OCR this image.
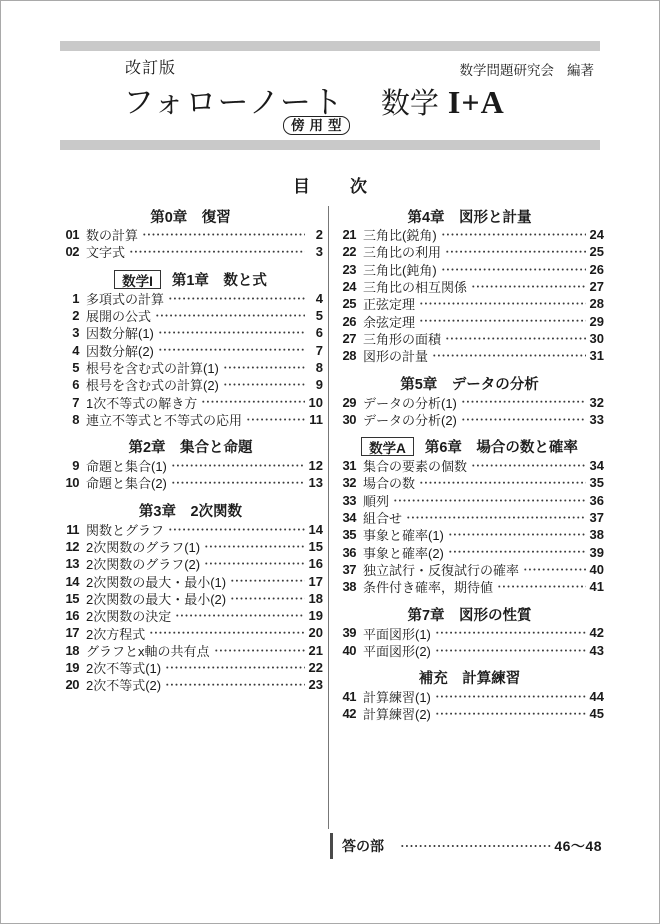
改訂版	数学問題研究会 編著
フォローノート 数学 I+A
傍用型
目 次
第0章　復習
01 数の計算	2
02 文字式	3
数学I	第1章　数と式
1 多項式の計算	4
2 展開の公式	5
3 因数分解(1)	6
4 因数分解(2)	7
5 根号を含む式の計算(1)	8
6 根号を含む式の計算(2)	9
7 1次不等式の解き方	10
8 連立不等式と不等式の応用	11
第2章　集合と命題
9 命題と集合(1)	12
10 命題と集合(2)	13
第3章　2次関数
11 関数とグラフ	14
12 2次関数のグラフ(1)	15
13 2次関数のグラフ(2)	16
14 2次関数の最大・最小(1)	17
15 2次関数の最大・最小(2)	18
16 2次関数の決定	19
17 2次方程式	20
18 グラフとx軸の共有点	21
19 2次不等式(1)	22
20 2次不等式(2)	23
第4章　図形と計量
21 三角比(鋭角)	24
22 三角比の利用	25
23 三角比(鈍角)	26
24 三角比の相互関係	27
25 正弦定理	28
26 余弦定理	29
27 三角形の面積	30
28 図形の計量	31
第5章　データの分析
29 データの分析(1)	32
30 データの分析(2)	33
数学A	第6章　場合の数と確率
31 集合の要素の個数	34
32 場合の数	35
33 順列	36
34 組合せ	37
35 事象と確率(1)	38
36 事象と確率(2)	39
37 独立試行・反復試行の確率	40
38 条件付き確率，期待値	41
第7章　図形の性質
39 平面図形(1)	42
40 平面図形(2)	43
補充　計算練習
41 計算練習(1)	44
42 計算練習(2)	45
答の部	46～48
